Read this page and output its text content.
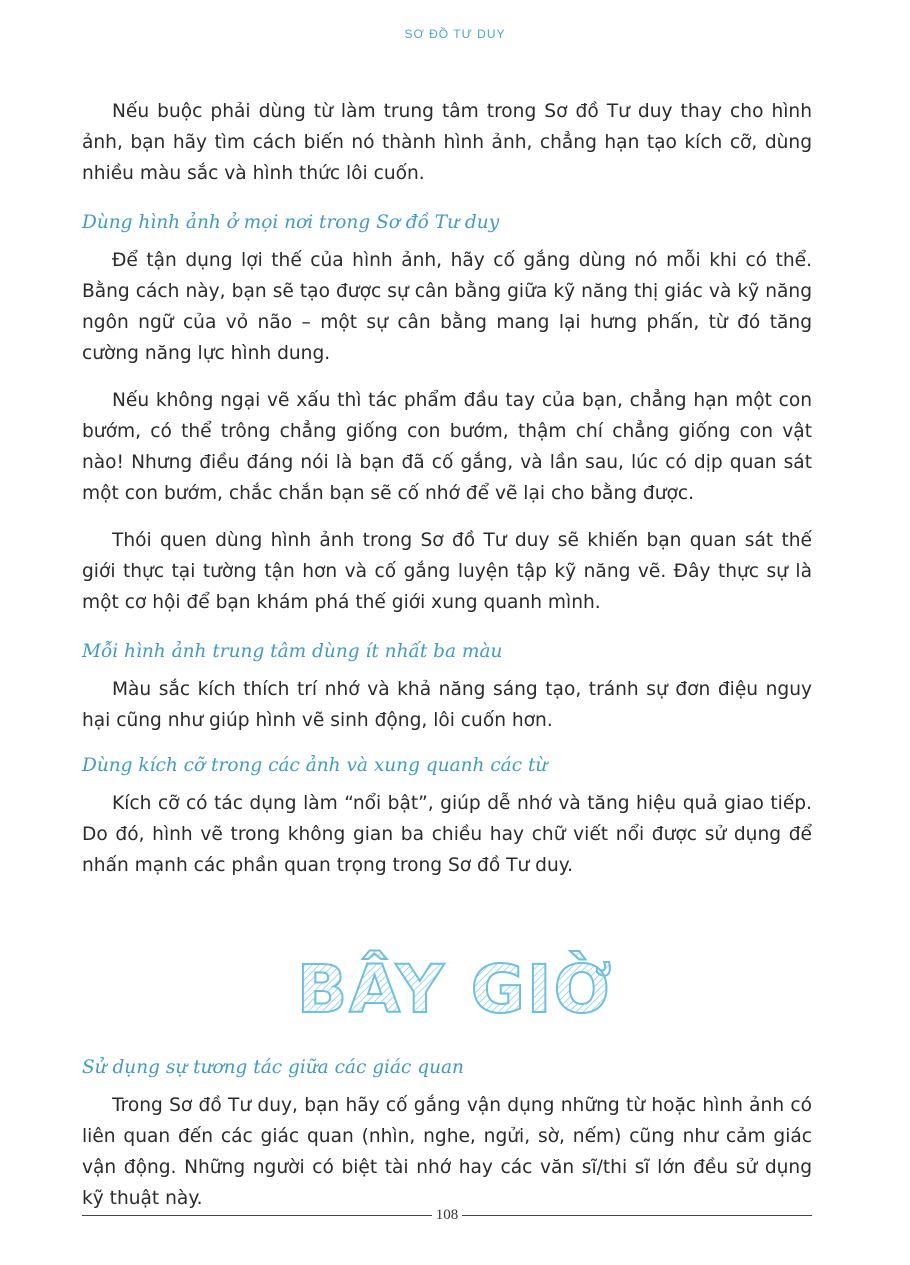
SƠ ĐỒ TƯ DUY

Nếu buộc phải dùng từ làm trung tâm trong Sơ đồ Tư duy thay cho hình ảnh, bạn hãy tìm cách biến nó thành hình ảnh, chẳng hạn tạo kích cỡ, dùng nhiều màu sắc và hình thức lôi cuốn.

Dùng hình ảnh ở mọi nơi trong Sơ đồ Tư duy

Để tận dụng lợi thế của hình ảnh, hãy cố gắng dùng nó mỗi khi có thể. Bằng cách này, bạn sẽ tạo được sự cân bằng giữa kỹ năng thị giác và kỹ năng ngôn ngữ của vỏ não – một sự cân bằng mang lại hưng phấn, từ đó tăng cường năng lực hình dung.

Nếu không ngại vẽ xấu thì tác phẩm đầu tay của bạn, chẳng hạn một con bướm, có thể trông chẳng giống con bướm, thậm chí chẳng giống con vật nào! Nhưng điều đáng nói là bạn đã cố gắng, và lần sau, lúc có dịp quan sát một con bướm, chắc chắn bạn sẽ cố nhớ để vẽ lại cho bằng được.

Thói quen dùng hình ảnh trong Sơ đồ Tư duy sẽ khiến bạn quan sát thế giới thực tại tường tận hơn và cố gắng luyện tập kỹ năng vẽ. Đây thực sự là một cơ hội để bạn khám phá thế giới xung quanh mình.

Mỗi hình ảnh trung tâm dùng ít nhất ba màu

Màu sắc kích thích trí nhớ và khả năng sáng tạo, tránh sự đơn điệu nguy hại cũng như giúp hình vẽ sinh động, lôi cuốn hơn.

Dùng kích cỡ trong các ảnh và xung quanh các từ

Kích cỡ có tác dụng làm “nổi bật”, giúp dễ nhớ và tăng hiệu quả giao tiếp. Do đó, hình vẽ trong không gian ba chiều hay chữ viết nổi được sử dụng để nhấn mạnh các phần quan trọng trong Sơ đồ Tư duy.

BÂY GIỜ
Sử dụng sự tương tác giữa các giác quan

Trong Sơ đồ Tư duy, bạn hãy cố gắng vận dụng những từ hoặc hình ảnh có liên quan đến các giác quan (nhìn, nghe, ngửi, sờ, nếm) cũng như cảm giác vận động. Những người có biệt tài nhớ hay các văn sĩ/thi sĩ lớn đều sử dụng kỹ thuật này.

108
